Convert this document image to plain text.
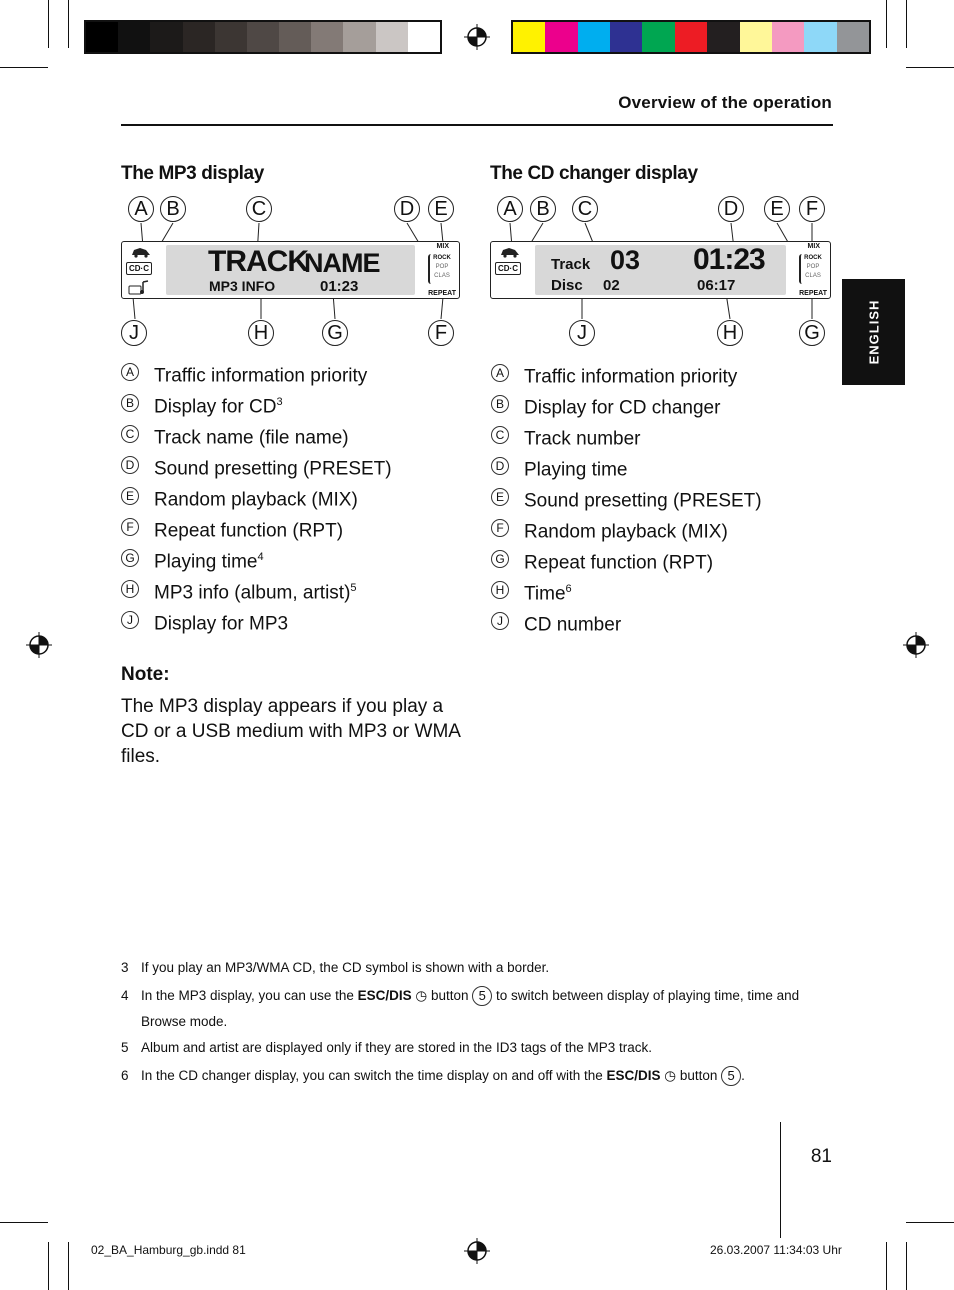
Overview of the operation
ENGLISH
The MP3 display
A B	C	D	E
CD·C TRACK
NAME
MP3 INFO	01:23
MIX
ROCK
POP
CLAS
REPEAT
J	H	G	F
A Traffic information priority
B Display for $CD^3$
C Track name (file name)
D Sound presetting (PRESET)
E Random playback (MIX)
F Repeat function (RPT)
G Playing time$^4$
H MP3 info (album, artist)$^5$
J	Display for MP3
The CD changer display
A B	C	D	E	F
CD·C Track 03
Disc 02
01:23
06:17
MIX
ROCK
POP
CLAS
REPEAT
J	H	G
A Traffic information priority
B Display for CD changer
C Track number
D Playing time
E Sound presetting (PRESET)
F Random playback (MIX)
G Repeat function (RPT)
H Time$^6$
J	CD number
Note:
The MP3 display appears if you play a CD or a USB medium with MP3 or WMA files.
3 If you play an MP3/WMA CD, the CD symbol is shown with a border.
4 In the MP3 display, you can use the ESC/DIS ◷ button 5 to switch between display of playing time, time and Browse mode.
5 Album and artist are displayed only if they are stored in the ID3 tags of the MP3 track.
6 In the CD changer display, you can switch the time display on and off with the ESC/DIS ◷ button 5 .
81
02_BA_Hamburg_gb.indd 81	26.03.2007 11:34:03 Uhr
